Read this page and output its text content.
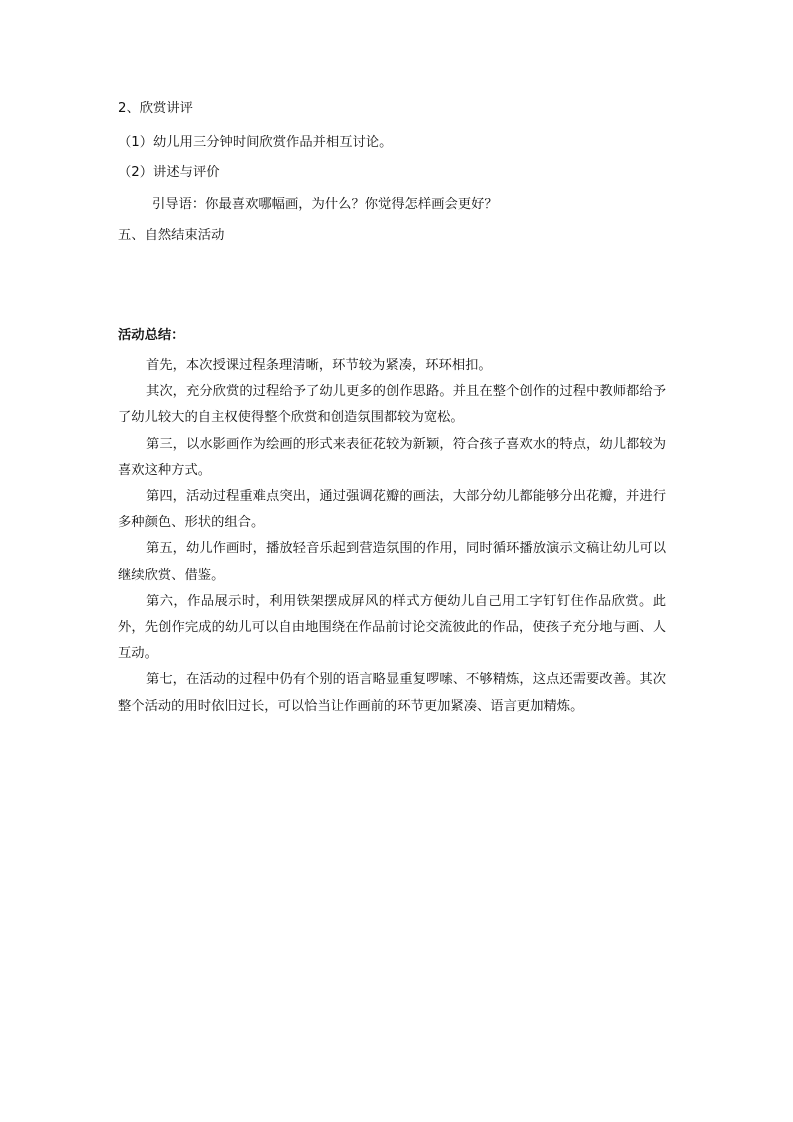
2、欣赏讲评
（1）幼儿用三分钟时间欣赏作品并相互讨论。
（2）讲述与评价
引导语：你最喜欢哪幅画，为什么？你觉得怎样画会更好？
五、自然结束活动
活动总结：

首先，本次授课过程条理清晰，环节较为紧凑，环环相扣。

其次，充分欣赏的过程给予了幼儿更多的创作思路。并且在整个创作的过程中教师都给予了幼儿较大的自主权使得整个欣赏和创造氛围都较为宽松。

第三，以水影画作为绘画的形式来表征花较为新颖，符合孩子喜欢水的特点，幼儿都较为喜欢这种方式。

第四，活动过程重难点突出，通过强调花瓣的画法，大部分幼儿都能够分出花瓣，并进行多种颜色、形状的组合。

第五，幼儿作画时，播放轻音乐起到营造氛围的作用，同时循环播放演示文稿让幼儿可以继续欣赏、借鉴。

第六，作品展示时，利用铁架摆成屏风的样式方便幼儿自己用工字钉钉住作品欣赏。此外，先创作完成的幼儿可以自由地围绕在作品前讨论交流彼此的作品，使孩子充分地与画、人互动。

第七，在活动的过程中仍有个别的语言略显重复啰嗦、不够精炼，这点还需要改善。其次整个活动的用时依旧过长，可以恰当让作画前的环节更加紧凑、语言更加精炼。
